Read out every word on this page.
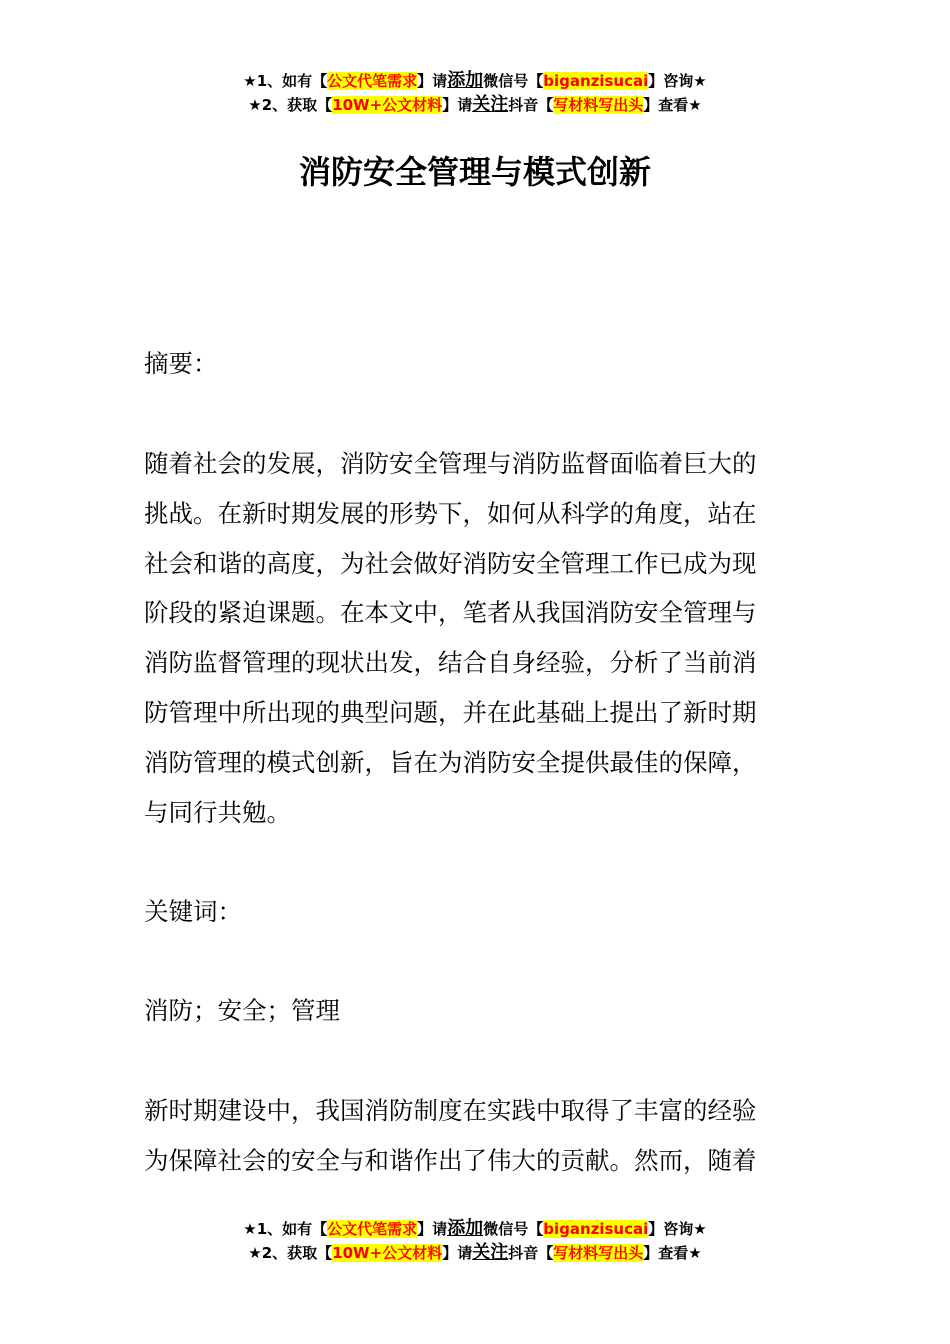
★1、如有【公文代笔需求】请添加微信号【biganzisucai】咨询★
★2、获取【10W+公文材料】请关注抖音【写材料写出头】查看★
消防安全管理与模式创新

摘要：

随着社会的发展，消防安全管理与消防监督面临着巨大的
挑战。在新时期发展的形势下，如何从科学的角度，站在
社会和谐的高度，为社会做好消防安全管理工作已成为现
阶段的紧迫课题。在本文中，笔者从我国消防安全管理与
消防监督管理的现状出发，结合自身经验，分析了当前消
防管理中所出现的典型问题，并在此基础上提出了新时期
消防管理的模式创新，旨在为消防安全提供最佳的保障，
与同行共勉。

关键词：

消防；安全；管理

新时期建设中，我国消防制度在实践中取得了丰富的经验
为保障社会的安全与和谐作出了伟大的贡献。然而，随着
★1、如有【公文代笔需求】请添加微信号【biganzisucai】咨询★
★2、获取【10W+公文材料】请关注抖音【写材料写出头】查看★
